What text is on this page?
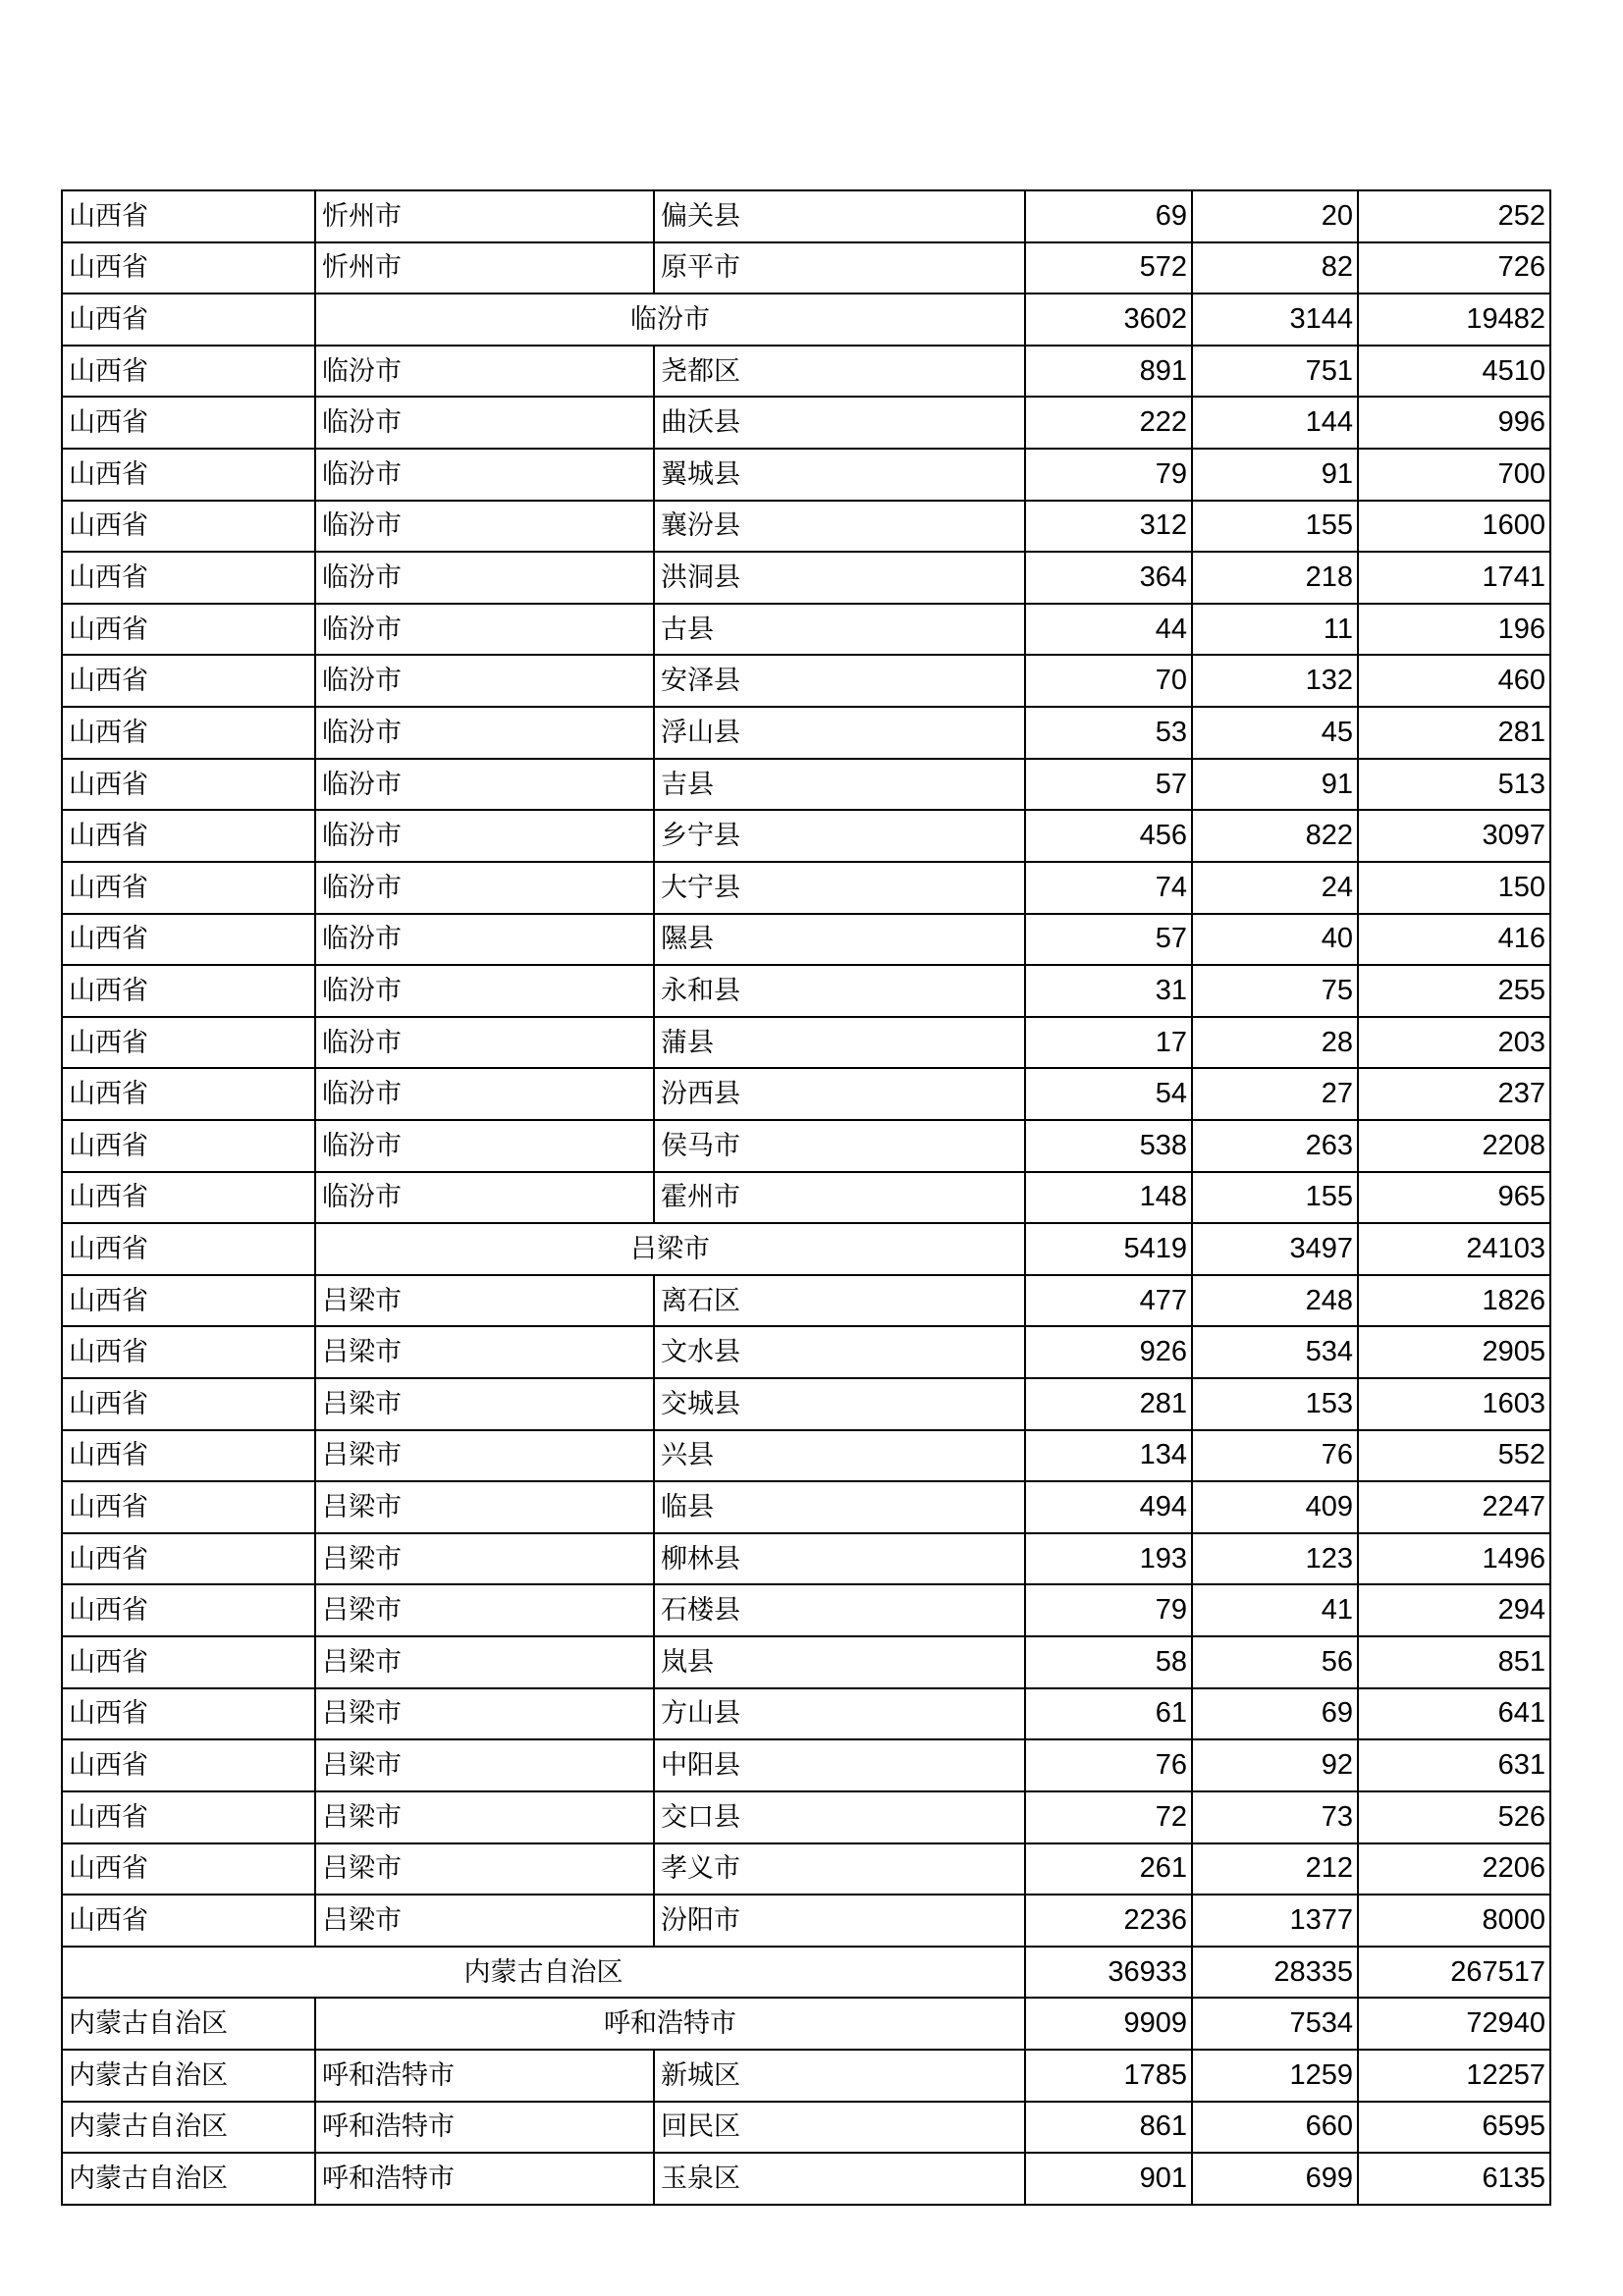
山西省	忻州市	偏关县	69	20	252
山西省	忻州市	原平市	572	82	726
山西省	临汾市		3602	3144	19482
山西省	临汾市	尧都区	891	751	4510
山西省	临汾市	曲沃县	222	144	996
山西省	临汾市	翼城县	79	91	700
山西省	临汾市	襄汾县	312	155	1600
山西省	临汾市	洪洞县	364	218	1741
山西省	临汾市	古县	44	11	196
山西省	临汾市	安泽县	70	132	460
山西省	临汾市	浮山县	53	45	281
山西省	临汾市	吉县	57	91	513
山西省	临汾市	乡宁县	456	822	3097
山西省	临汾市	大宁县	74	24	150
山西省	临汾市	隰县	57	40	416
山西省	临汾市	永和县	31	75	255
山西省	临汾市	蒲县	17	28	203
山西省	临汾市	汾西县	54	27	237
山西省	临汾市	侯马市	538	263	2208
山西省	临汾市	霍州市	148	155	965
山西省	吕梁市		5419	3497	24103
山西省	吕梁市	离石区	477	248	1826
山西省	吕梁市	文水县	926	534	2905
山西省	吕梁市	交城县	281	153	1603
山西省	吕梁市	兴县	134	76	552
山西省	吕梁市	临县	494	409	2247
山西省	吕梁市	柳林县	193	123	1496
山西省	吕梁市	石楼县	79	41	294
山西省	吕梁市	岚县	58	56	851
山西省	吕梁市	方山县	61	69	641
山西省	吕梁市	中阳县	76	92	631
山西省	吕梁市	交口县	72	73	526
山西省	吕梁市	孝义市	261	212	2206
山西省	吕梁市	汾阳市	2236	1377	8000
内蒙古自治区			36933	28335	267517
内蒙古自治区	呼和浩特市		9909	7534	72940
内蒙古自治区	呼和浩特市	新城区	1785	1259	12257
内蒙古自治区	呼和浩特市	回民区	861	660	6595
内蒙古自治区	呼和浩特市	玉泉区	901	699	6135
